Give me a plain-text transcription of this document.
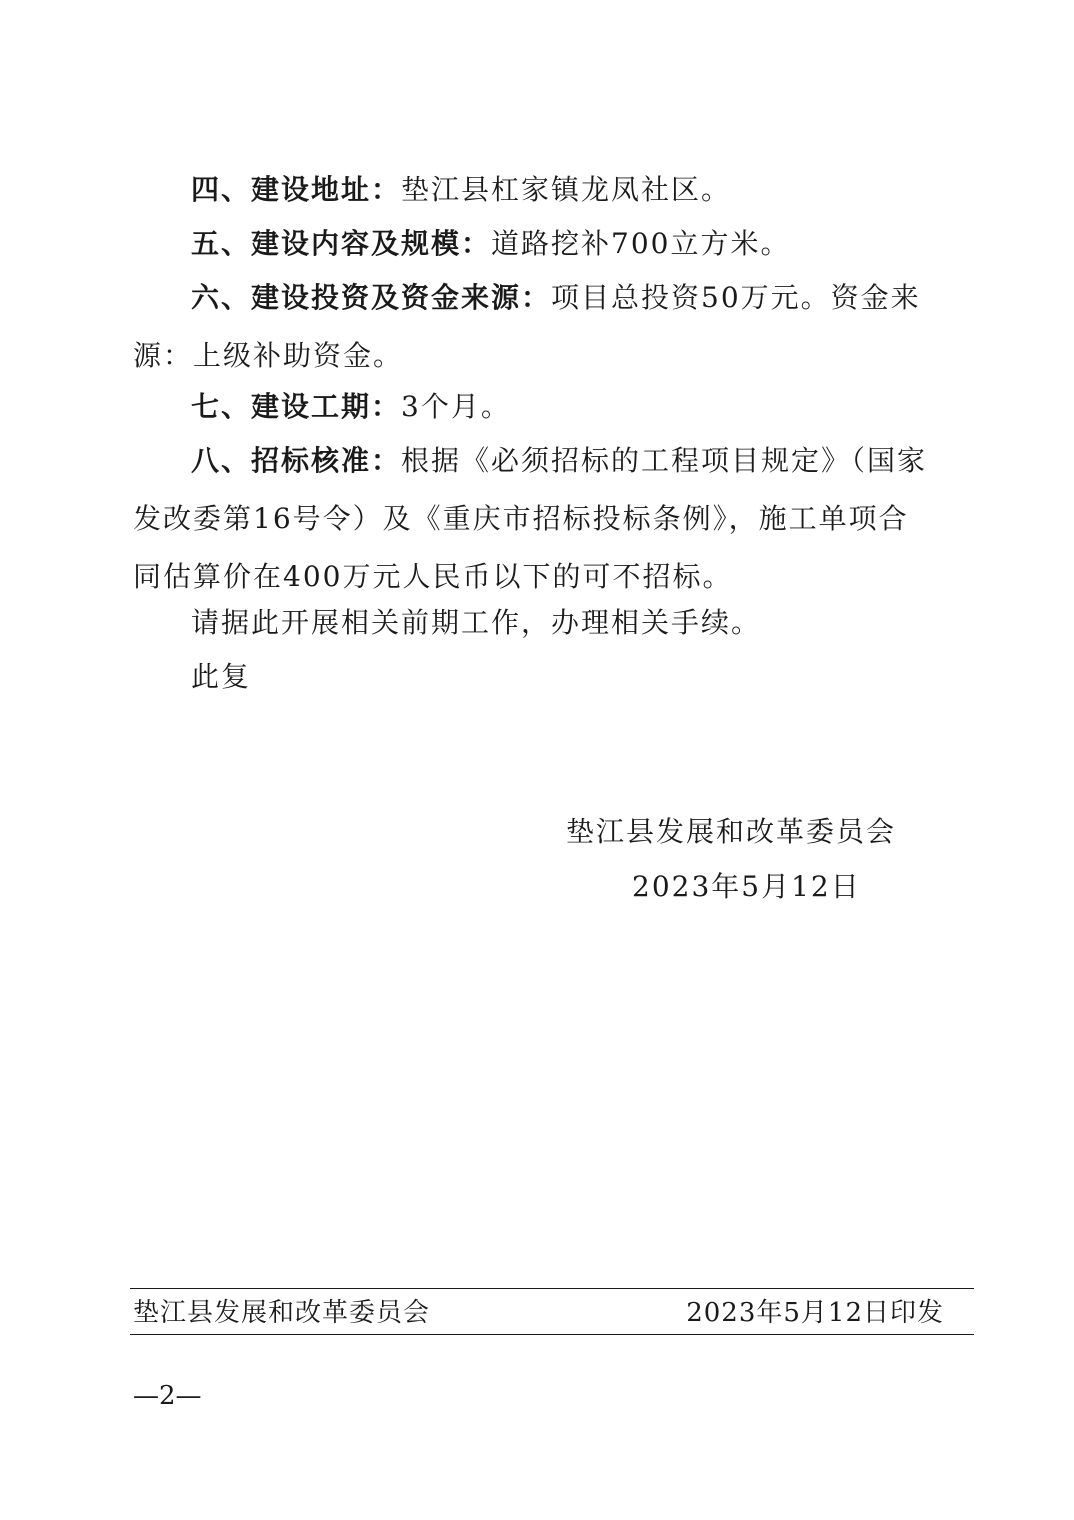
四、建设地址：垫江县杠家镇龙凤社区。

五、建设内容及规模：道路挖补700立方米。

六、建设投资及资金来源：项目总投资50万元。资金来源：上级补助资金。

七、建设工期：3个月。

八、招标核准：根据《必须招标的工程项目规定》（国家发改委第16号令）及《重庆市招标投标条例》，施工单项合同估算价在400万元人民币以下的可不招标。

请据此开展相关前期工作，办理相关手续。

此复

垫江县发展和改革委员会
2023年5月12日
垫江县发展和改革委员会	2023年5月12日印发
—2—
